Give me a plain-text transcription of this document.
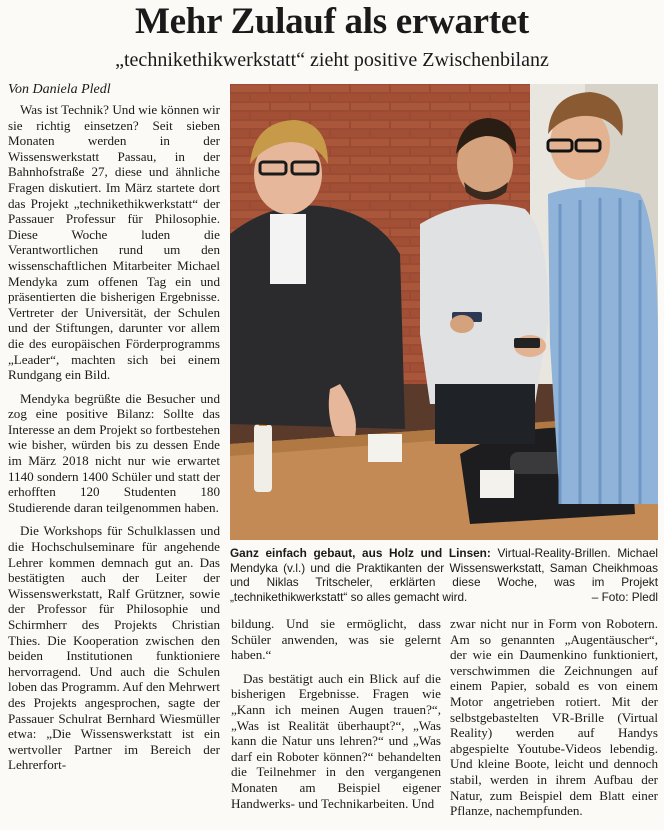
Mehr Zulauf als erwartet
„technikethikwerkstatt“ zieht positive Zwischenbilanz
Von Daniela Pledl

Was ist Technik? Und wie können wir sie richtig einsetzen? Seit sieben Monaten werden in der Wissenswerkstatt Passau, in der Bahnhofstraße 27, diese und ähnliche Fragen diskutiert. Im März startete dort das Projekt „technikethikwerkstatt“ der Passauer Professur für Philosophie. Diese Woche luden die Verantwortlichen rund um den wissenschaftlichen Mitarbeiter Michael Mendyka zum offenen Tag ein und präsentierten die bisherigen Ergebnisse. Vertreter der Universität, der Schulen und der Stiftungen, darunter vor allem die des europäischen Förderprogramms „Leader“, machten sich bei einem Rundgang ein Bild.

Mendyka begrüßte die Besucher und zog eine positive Bilanz: Sollte das Interesse an dem Projekt so fortbestehen wie bisher, würden bis zu dessen Ende im März 2018 nicht nur wie erwartet 1140 sondern 1400 Schüler und statt der erhofften 120 Studenten 180 Studierende daran teilgenommen haben.

Die Workshops für Schulklassen und die Hochschulseminare für angehende Lehrer kommen demnach gut an. Das bestätigten auch der Leiter der Wissenswerkstatt, Ralf Grützner, sowie der Professor für Philosophie und Schirmherr des Projekts Christian Thies. Die Kooperation zwischen den beiden Institutionen funktioniere hervorragend. Und auch die Schulen loben das Programm. Auf den Mehrwert des Projekts angesprochen, sagte der Passauer Schulrat Bernhard Wiesmüller etwa: „Die Wissenswerkstatt ist ein wertvoller Partner im Bereich der Lehrerfort-

Ganz einfach gebaut, aus Holz und Linsen: Virtual-Reality-Brillen. Michael Mendyka (v.l.) und die Praktikanten der Wissenswerkstatt, Saman Cheikhmoas und Niklas Tritscheler, erklärten diese Woche, was im Projekt „technikethikwerkstatt“ so alles gemacht wird.	– Foto: Pledl

bildung. Und sie ermöglicht, dass Schüler anwenden, was sie gelernt haben.“

Das bestätigt auch ein Blick auf die bisherigen Ergebnisse. Fragen wie „Kann ich meinen Augen trauen?“, „Was ist Realität überhaupt?“, „Was kann die Natur uns lehren?“ und „Was darf ein Roboter können?“ behandelten die Teilnehmer in den vergangenen Monaten am Beispiel eigener Handwerks- und Technikarbeiten. Und

zwar nicht nur in Form von Robotern. Am so genannten „Augentäuscher“, der wie ein Daumenkino funktioniert, verschwimmen die Zeichnungen auf einem Papier, sobald es von einem Motor angetrieben rotiert. Mit der selbstgebastelten VR-Brille (Virtual Reality) werden auf Handys abgespielte Youtube-Videos lebendig. Und kleine Boote, leicht und dennoch stabil, werden in ihrem Aufbau der Natur, zum Beispiel dem Blatt einer Pflanze, nachempfunden.
